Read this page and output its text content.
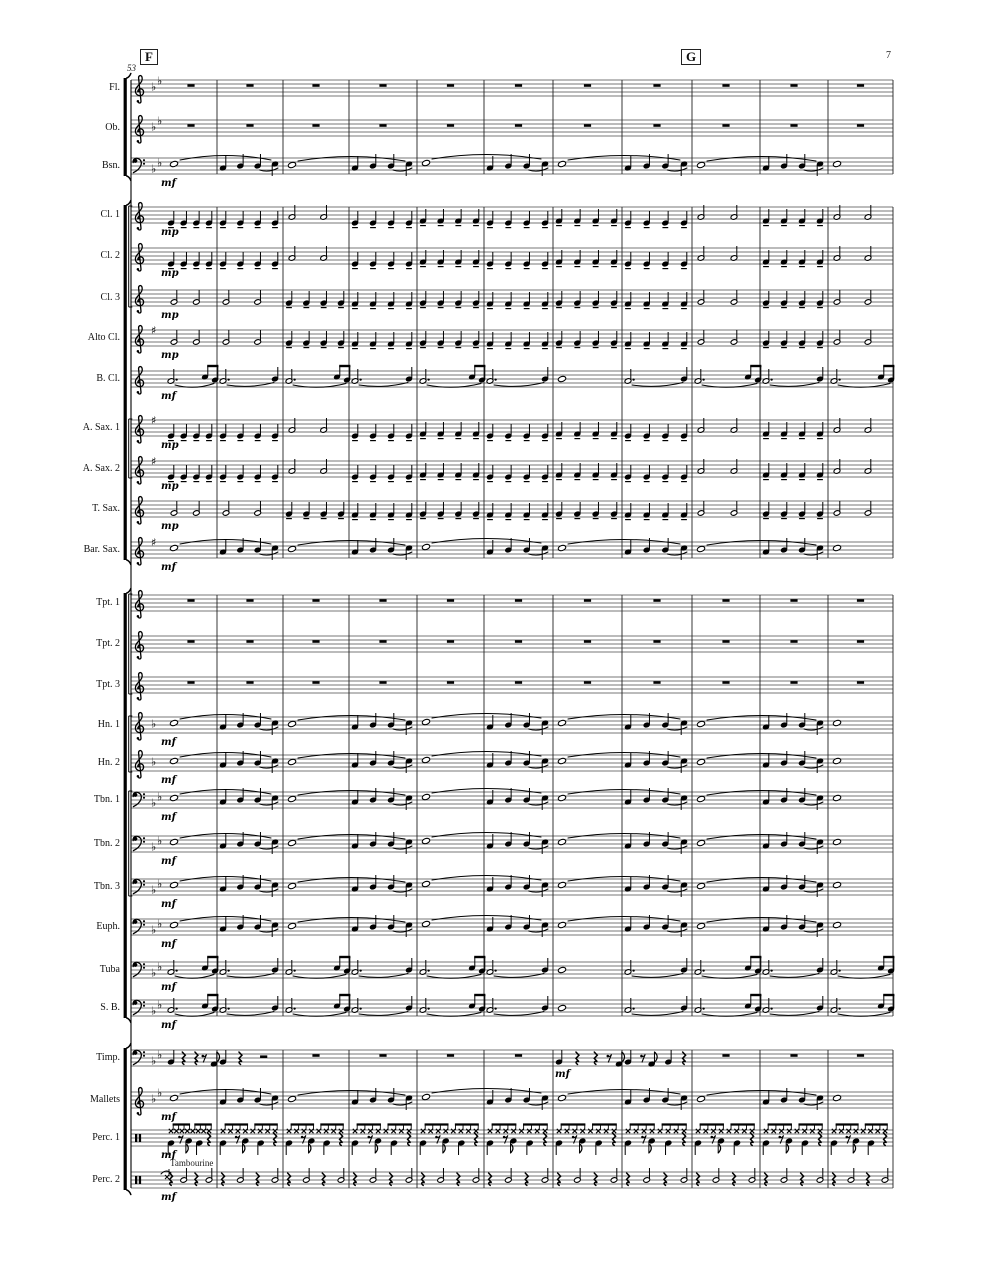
♭ ♭
♭ ♭
♭ ♭
mf
mp
mp
mp
♯
mp
mf
♯
mp
♯
mp
mp
♯
mf
♭
mf
♭
mf
♭ ♭
mf
♭ ♭
mf
♭ ♭
mf
♭ ♭
mf
♭ ♭
mf
♭ ♭
mf
♭ ♭
mf
♭ ♭
mf
mf
mf
Tambourine
F	G
53
7
Fl.
Ob.
Bsn.
Cl. 1
Cl. 2
Cl. 3
Alto Cl.
B. Cl.
A. Sax. 1
A. Sax. 2
T. Sax.
Bar. Sax.
Tpt. 1
Tpt. 2
Tpt. 3
Hn. 1
Hn. 2
Tbn. 1
Tbn. 2
Tbn. 3
Euph.
Tuba
S. B.
Timp.
Mallets
Perc. 1
Perc. 2
